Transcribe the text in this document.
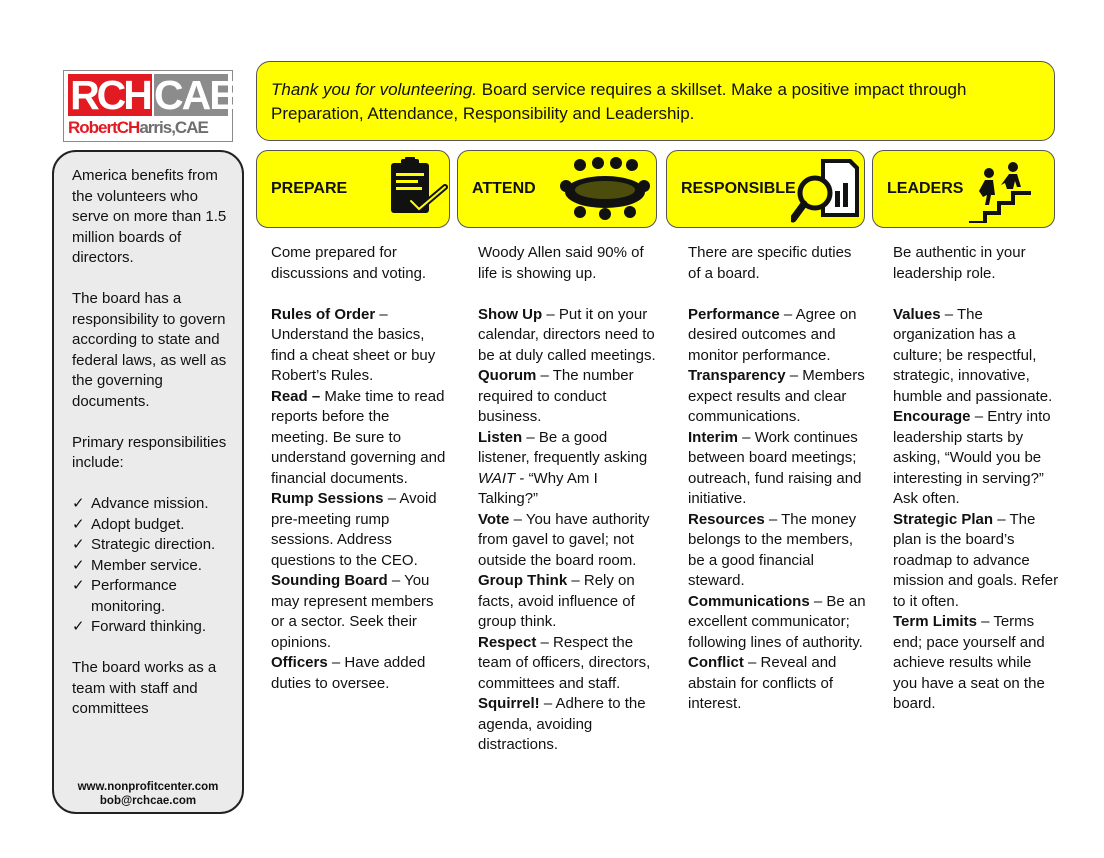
RCH CAE
RobertCHarris,CAE
Thank you for volunteering. Board service requires a skillset. Make a positive impact through Preparation, Attendance, Responsibility and Leadership.

America benefits from the volunteers who serve on more than 1.5 million boards of directors.

The board has a responsibility to govern according to state and federal laws, as well as the governing documents.

Primary responsibilities include:

✓ Advance mission.
✓ Adopt budget.
✓ Strategic direction.
✓ Member service.
✓ Performance monitoring.
✓ Forward thinking.

The board works as a team with staff and committees

www.nonprofitcenter.com
bob@rchcae.com
PREPARE	ATTEND	RESPONSIBLE	LEADERS

Come prepared for discussions and voting.

Rules of Order – Understand the basics, find a cheat sheet or buy Robert’s Rules.

Read – Make time to read reports before the meeting. Be sure to understand governing and financial documents.

Rump Sessions – Avoid pre-meeting rump sessions. Address questions to the CEO.

Sounding Board – You may represent members or a sector. Seek their opinions.

Officers – Have added duties to oversee.

Woody Allen said 90% of life is showing up.

Show Up – Put it on your calendar, directors need to be at duly called meetings.

Quorum – The number required to conduct business.

Listen – Be a good listener, frequently asking WAIT - “Why Am I Talking?”

Vote – You have authority from gavel to gavel; not outside the board room.

Group Think – Rely on facts, avoid influence of group think.

Respect – Respect the team of officers, directors, committees and staff.

Squirrel! – Adhere to the agenda, avoiding distractions.

There are specific duties of a board.

Performance – Agree on desired outcomes and monitor performance.

Transparency – Members expect results and clear communications.

Interim – Work continues between board meetings; outreach, fund raising and initiative.

Resources – The money belongs to the members, be a good financial steward.

Communications – Be an excellent communicator; following lines of authority.

Conflict – Reveal and abstain for conflicts of interest.

Be authentic in your leadership role.

Values – The organization has a culture; be respectful, strategic, innovative, humble and passionate.

Encourage – Entry into leadership starts by asking, “Would you be interesting in serving?” Ask often.

Strategic Plan – The plan is the board’s roadmap to advance mission and goals. Refer to it often.

Term Limits – Terms end; pace yourself and achieve results while you have a seat on the board.
